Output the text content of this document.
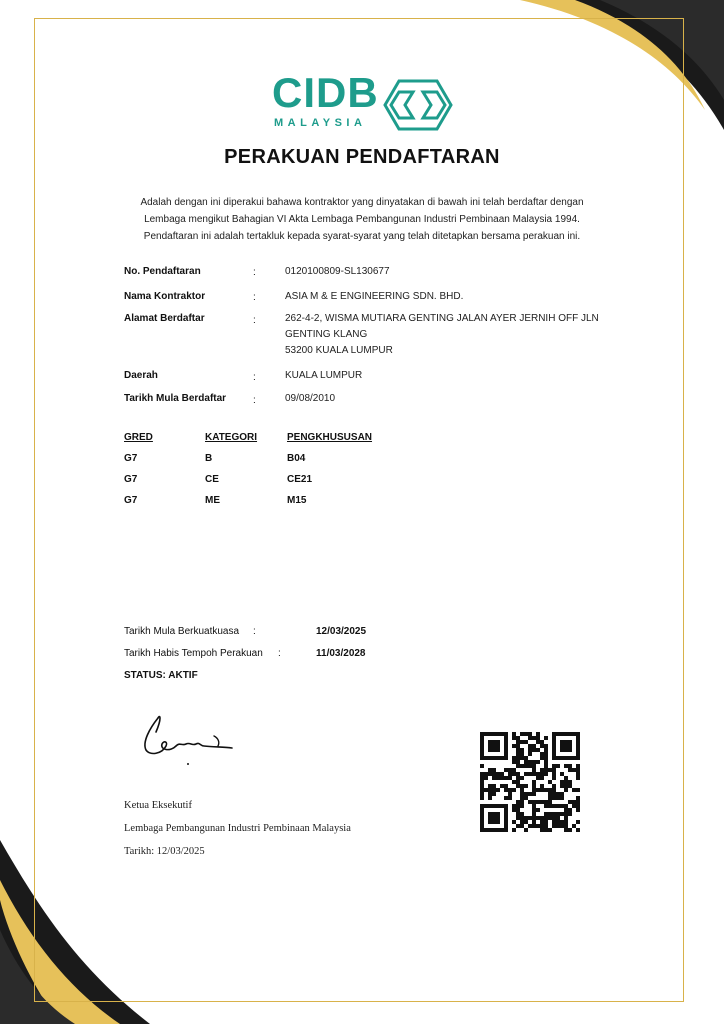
CIDB
MALAYSIA
PERAKUAN PENDAFTARAN
Adalah dengan ini diperakui bahawa kontraktor yang dinyatakan di bawah ini telah berdaftar dengan
Lembaga mengikut Bahagian VI Akta Lembaga Pembangunan Industri Pembinaan Malaysia 1994.
Pendaftaran ini adalah tertakluk kepada syarat-syarat yang telah ditetapkan bersama perakuan ini.
No. Pendaftaran	:	0120100809-SL130677
Nama Kontraktor	:	ASIA M & E ENGINEERING SDN. BHD.
Alamat Berdaftar	:	262-4-2, WISMA MUTIARA GENTING JALAN AYER JERNIH OFF JLN
GENTING KLANG
53200 KUALA LUMPUR
Daerah	:	KUALA LUMPUR
Tarikh Mula Berdaftar	:	09/08/2010
GRED	KATEGORI	PENGKHUSUSAN
G7	B	B04
G7	CE	CE21
G7	ME	M15
Tarikh Mula Berkuatkuasa :	12/03/2025
Tarikh Habis Tempoh Perakuan :	11/03/2028
STATUS: AKTIF
Ketua Eksekutif
Lembaga Pembangunan Industri Pembinaan Malaysia
Tarikh: 12/03/2025
